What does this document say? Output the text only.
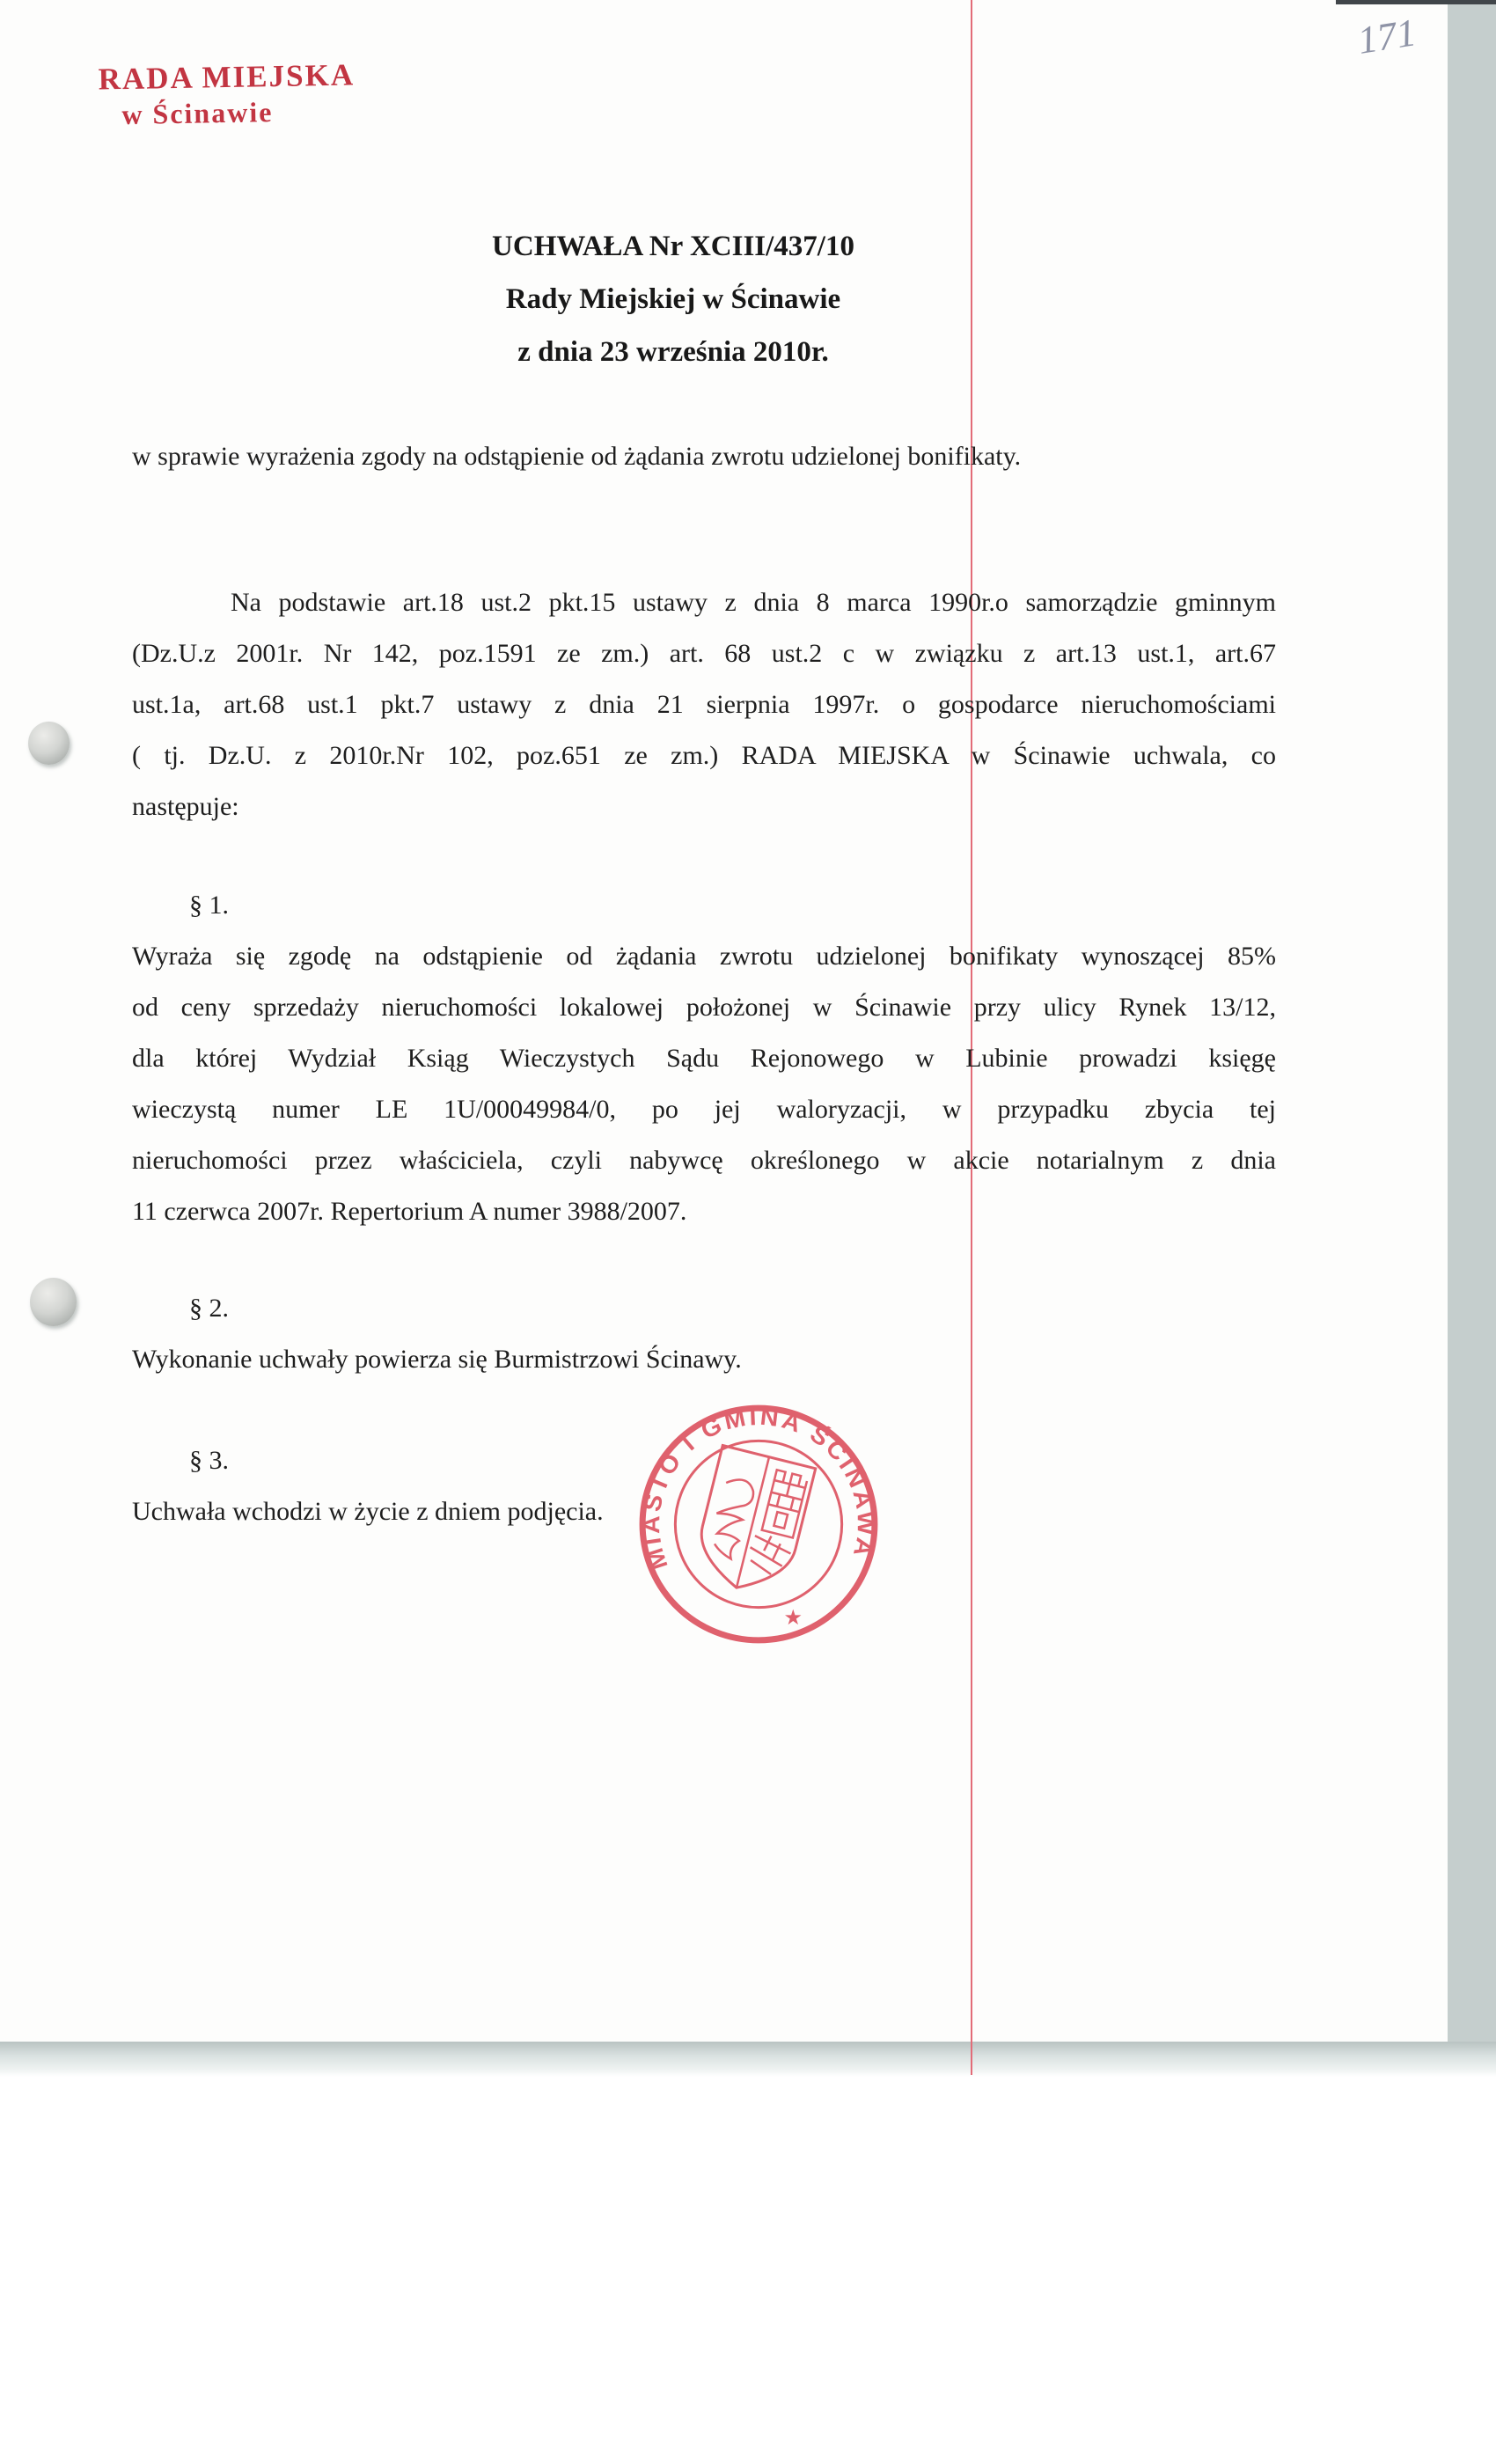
RADA MIEJSKA
w Ścinawie
171
UCHWAŁA Nr XCIII/437/10
Rady Miejskiej w Ścinawie
z dnia 23 września 2010r.
w sprawie wyrażenia zgody na odstąpienie od żądania zwrotu udzielonej bonifikaty.
Na podstawie art.18 ust.2 pkt.15 ustawy z dnia 8 marca 1990r.o samorządzie gminnym
(Dz.U.z 2001r. Nr 142, poz.1591 ze zm.) art. 68 ust.2 c w związku z art.13 ust.1, art.67
ust.1a, art.68 ust.1 pkt.7 ustawy z dnia 21 sierpnia 1997r. o gospodarce nieruchomościami
( tj. Dz.U. z 2010r.Nr 102, poz.651 ze zm.) RADA MIEJSKA w Ścinawie uchwala, co
następuje:
§ 1.
Wyraża się zgodę na odstąpienie od żądania zwrotu udzielonej bonifikaty wynoszącej 85%
od ceny sprzedaży nieruchomości lokalowej położonej w Ścinawie przy ulicy Rynek 13/12,
dla której Wydział Ksiąg Wieczystych Sądu Rejonowego w Lubinie prowadzi księgę
wieczystą numer LE 1U/00049984/0, po jej waloryzacji, w przypadku zbycia tej
nieruchomości przez właściciela, czyli nabywcę określonego w akcie notarialnym z dnia
11 czerwca 2007r. Repertorium A numer 3988/2007.
§ 2.
Wykonanie uchwały powierza się Burmistrzowi Ścinawy.
§ 3.
Uchwała wchodzi w życie z dniem podjęcia.
MIASTO I GMINA ŚCINAWA
★
